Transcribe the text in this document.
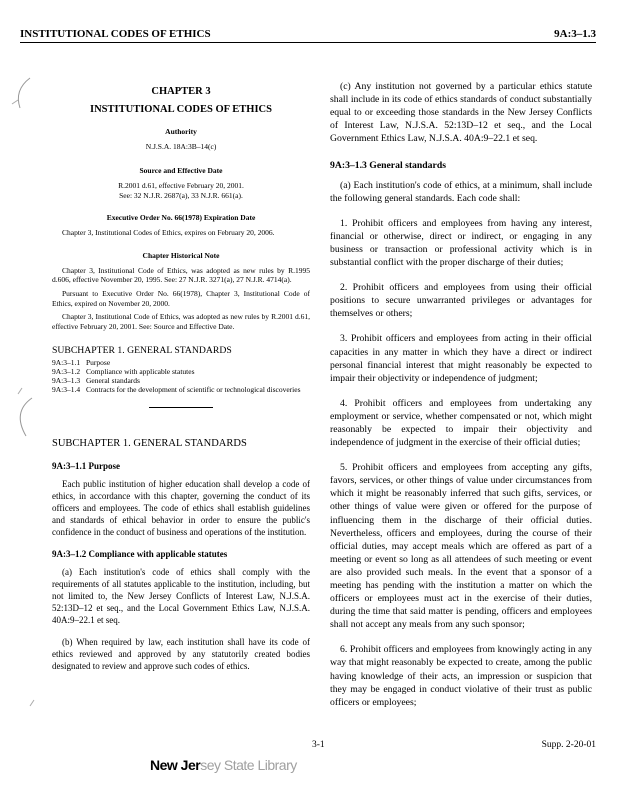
INSTITUTIONAL CODES OF ETHICS	9A:3–1.3
CHAPTER 3
INSTITUTIONAL CODES OF ETHICS
Authority
N.J.S.A. 18A:3B–14(c)
Source and Effective Date
R.2001 d.61, effective February 20, 2001.
See: 32 N.J.R. 2687(a), 33 N.J.R. 661(a).
Executive Order No. 66(1978) Expiration Date
Chapter 3, Institutional Codes of Ethics, expires on February 20, 2006.
Chapter Historical Note
Chapter 3, Institutional Code of Ethics, was adopted as new rules by R.1995 d.606, effective November 20, 1995. See: 27 N.J.R. 3271(a), 27 N.J.R. 4714(a).
Pursuant to Executive Order No. 66(1978), Chapter 3, Institutional Code of Ethics, expired on November 20, 2000.
Chapter 3, Institutional Code of Ethics, was adopted as new rules by R.2001 d.61, effective February 20, 2001. See: Source and Effective Date.
SUBCHAPTER 1. GENERAL STANDARDS
9A:3–1.1 Purpose
9A:3–1.2 Compliance with applicable statutes
9A:3–1.3 General standards
9A:3–1.4 Contracts for the development of scientific or technological discoveries
SUBCHAPTER 1. GENERAL STANDARDS
9A:3–1.1 Purpose
Each public institution of higher education shall develop a code of ethics, in accordance with this chapter, governing the conduct of its officers and employees. The code of ethics shall establish guidelines and standards of ethical behavior in order to ensure the public's confidence in the conduct of business and operations of the institution.
9A:3–1.2 Compliance with applicable statutes
(a) Each institution's code of ethics shall comply with the requirements of all statutes applicable to the institution, including, but not limited to, the New Jersey Conflicts of Interest Law, N.J.S.A. 52:13D–12 et seq., and the Local Government Ethics Law, N.J.S.A. 40A:9–22.1 et seq.
(b) When required by law, each institution shall have its code of ethics reviewed and approved by any statutorily created bodies designated to review and approve such codes of ethics.

(c) Any institution not governed by a particular ethics statute shall include in its code of ethics standards of conduct substantially equal to or exceeding those standards in the New Jersey Conflicts of Interest Law, N.J.S.A. 52:13D–12 et seq., and the Local Government Ethics Law, N.J.S.A. 40A:9–22.1 et seq.

9A:3–1.3 General standards

(a) Each institution's code of ethics, at a minimum, shall include the following general standards. Each code shall:

1. Prohibit officers and employees from having any interest, financial or otherwise, direct or indirect, or engaging in any business or transaction or professional activity which is in substantial conflict with the proper discharge of their duties;

2. Prohibit officers and employees from using their official positions to secure unwarranted privileges or advantages for themselves or others;

3. Prohibit officers and employees from acting in their official capacities in any matter in which they have a direct or indirect personal financial interest that might reasonably be expected to impair their objectivity or independence of judgment;

4. Prohibit officers and employees from undertaking any employment or service, whether compensated or not, which might reasonably be expected to impair their objectivity and independence of judgment in the exercise of their official duties;

5. Prohibit officers and employees from accepting any gifts, favors, services, or other things of value under circumstances from which it might be reasonably inferred that such gifts, services, or other things of value were given or offered for the purpose of influencing them in the discharge of their official duties. Nevertheless, officers and employees, during the course of their official duties, may accept meals which are offered as part of a meeting or event so long as all attendees of such meeting or event are also provided such meals. In the event that a sponsor of a meeting has pending with the institution a matter on which the officers or employees must act in the exercise of their duties, during the time that said matter is pending, officers and employees shall not accept any meals from any such sponsor;

6. Prohibit officers and employees from knowingly acting in any way that might reasonably be expected to create, among the public having knowledge of their acts, an impression or suspicion that they may be engaged in conduct violative of their trust as public officers or employees;

3-1	Supp. 2-20-01
New Jersey State Library
